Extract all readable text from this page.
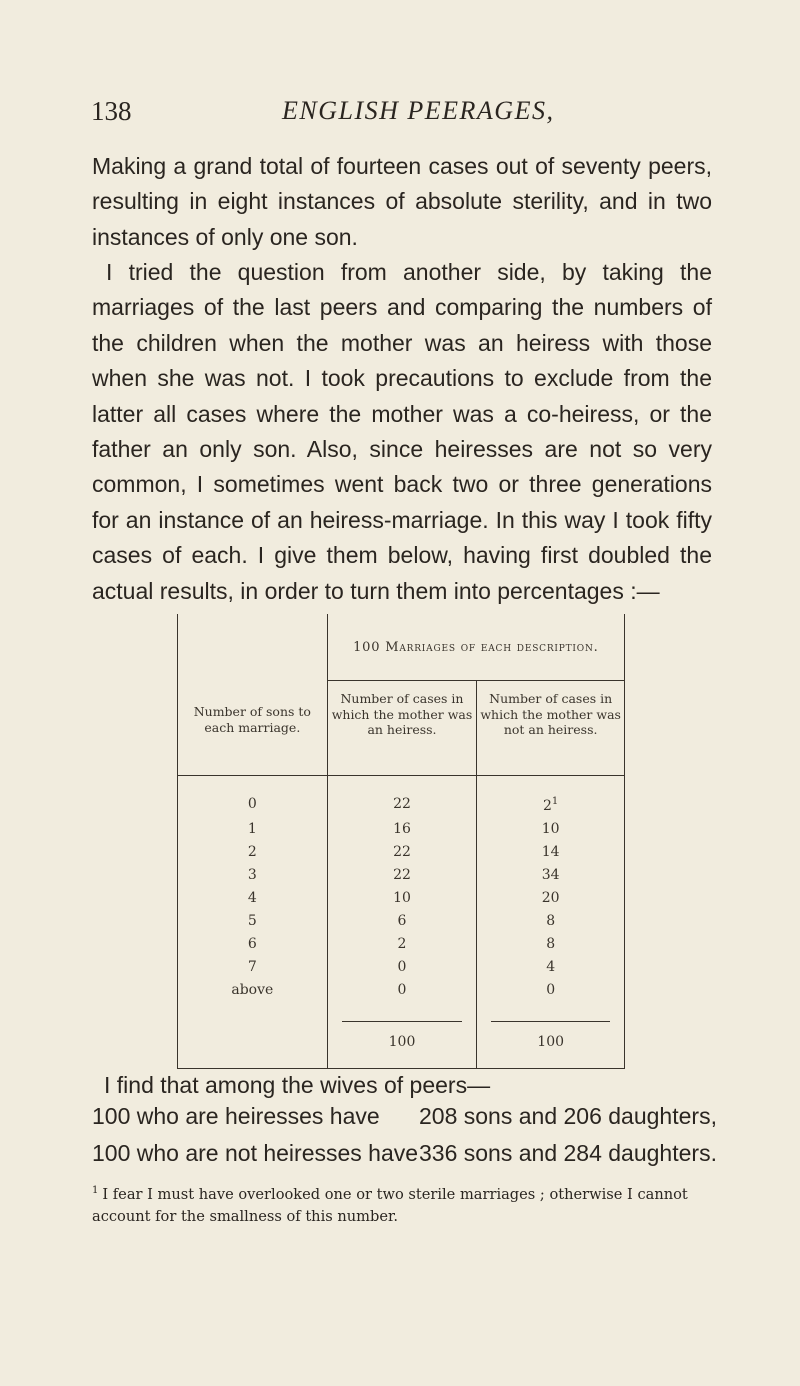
138	ENGLISH PEERAGES,

Making a grand total of fourteen cases out of seventy peers, resulting in eight instances of absolute sterility, and in two instances of only one son.

I tried the question from another side, by taking the marriages of the last peers and comparing the numbers of the children when the mother was an heiress with those when she was not. I took precautions to exclude from the latter all cases where the mother was a co-heiress, or the father an only son. Also, since heiresses are not so very common, I sometimes went back two or three generations for an instance of an heiress-marriage. In this way I took fifty cases of each. I give them below, having first doubled the actual results, in order to turn them into percentages :—

Number of sons to each marriage.	100 Marriages of each description.	
	Number of cases in which the mother was an heiress.	Number of cases in which the mother was not an heiress.
0	22	$2^1$
1	16	10
2	22	14
3	22	34
4	10	20
5	6	8
6	2	8
7	0	4
above	0	0

	100	100

I find that among the wives of peers—

100 who are heiresses have 208 sons and 206 daughters,
100 who are not heiresses have 336 sons and 284 daughters.

$^1$ I fear I must have overlooked one or two sterile marriages ; otherwise I cannot account for the smallness of this number.
